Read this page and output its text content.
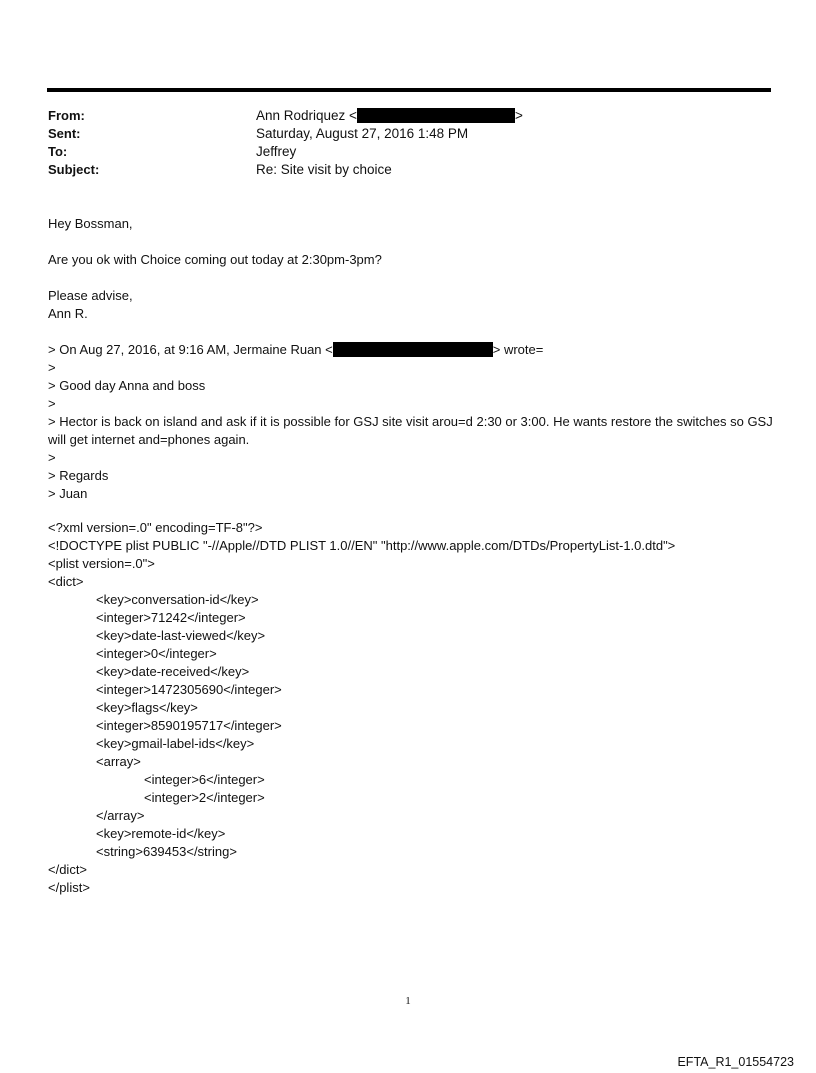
From:	Ann Rodriquez <	>
Sent:	Saturday, August 27, 2016 1:48 PM
To:	Jeffrey
Subject:	Re: Site visit by choice
Hey Bossman,
Are you ok with Choice coming out today at 2:30pm-3pm?
Please advise,
Ann R.
> On Aug 27, 2016, at 9:16 AM, Jermaine Ruan <	> wrote=
>
> Good day Anna and boss
>
> Hector is back on island and ask if it is possible for GSJ site visit arou=d 2:30 or 3:00. He wants restore the switches so GSJ will get internet and=phones again.
>
> Regards
> Juan
<?xml version=.0" encoding=TF-8"?>
<!DOCTYPE plist PUBLIC "-//Apple//DTD PLIST 1.0//EN" "http://www.apple.com/DTDs/PropertyList-1.0.dtd">
<plist version=.0">
<dict>
<key>conversation-id</key>
<integer>71242</integer>
<key>date-last-viewed</key>
<integer>0</integer>
<key>date-received</key>
<integer>1472305690</integer>
<key>flags</key>
<integer>8590195717</integer>
<key>gmail-label-ids</key>
<array>
<integer>6</integer>
<integer>2</integer>
</array>
<key>remote-id</key>
<string>639453</string>
</dict>
</plist>
1
EFTA_R1_01554723
